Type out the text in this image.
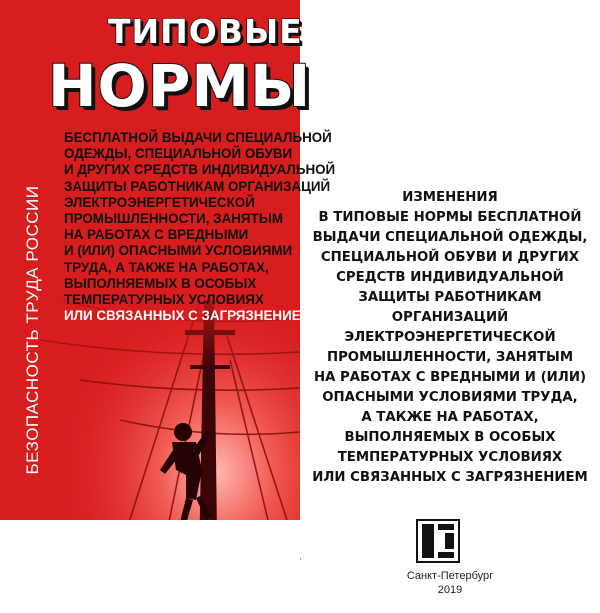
БЕЗОПАСНОСТЬ ТРУДА РОССИИ
ТИПОВЫЕ
НОРМЫ
БЕСПЛАТНОЙ ВЫДАЧИ СПЕЦИАЛЬНОЙ
ОДЕЖДЫ, СПЕЦИАЛЬНОЙ ОБУВИ
И ДРУГИХ СРЕДСТВ ИНДИВИДУАЛЬНОЙ
ЗАЩИТЫ РАБОТНИКАМ ОРГАНИЗАЦИЙ
ЭЛЕКТРОЭНЕРГЕТИЧЕСКОЙ
ПРОМЫШЛЕННОСТИ, ЗАНЯТЫМ
НА РАБОТАХ С ВРЕДНЫМИ
И (ИЛИ) ОПАСНЫМИ УСЛОВИЯМИ
ТРУДА, А ТАКЖЕ НА РАБОТАХ,
ВЫПОЛНЯЕМЫХ В ОСОБЫХ
ТЕМПЕРАТУРНЫХ УСЛОВИЯХ
ИЛИ СВЯЗАННЫХ С ЗАГРЯЗНЕНИЕМ
ИЗМЕНЕНИЯ
В ТИПОВЫЕ НОРМЫ БЕСПЛАТНОЙ
ВЫДАЧИ СПЕЦИАЛЬНОЙ ОДЕЖДЫ,
СПЕЦИАЛЬНОЙ ОБУВИ И ДРУГИХ
СРЕДСТВ ИНДИВИДУАЛЬНОЙ
ЗАЩИТЫ РАБОТНИКАМ
ОРГАНИЗАЦИЙ
ЭЛЕКТРОЭНЕРГЕТИЧЕСКОЙ
ПРОМЫШЛЕННОСТИ, ЗАНЯТЫМ
НА РАБОТАХ С ВРЕДНЫМИ И (ИЛИ)
ОПАСНЫМИ УСЛОВИЯМИ ТРУДА,
А ТАКЖЕ НА РАБОТАХ,
ВЫПОЛНЯЕМЫХ В ОСОБЫХ
ТЕМПЕРАТУРНЫХ УСЛОВИЯХ
ИЛИ СВЯЗАННЫХ С ЗАГРЯЗНЕНИЕМ
Санкт-Петербург
2019
